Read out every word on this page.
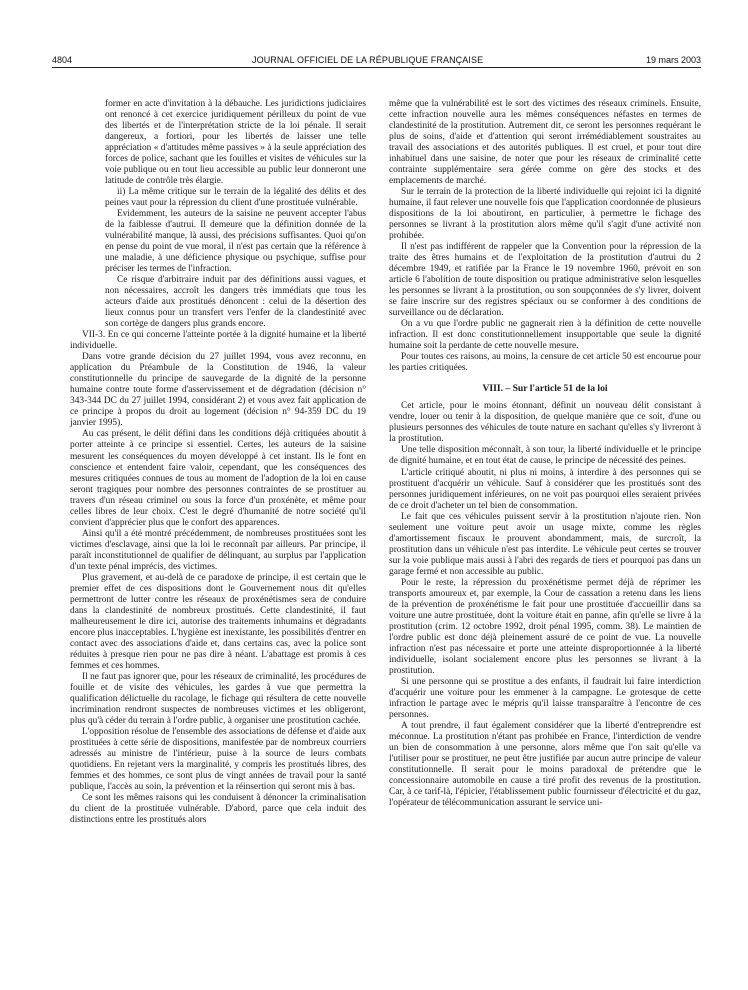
4804	JOURNAL OFFICIEL DE LA RÉPUBLIQUE FRANÇAISE	19 mars 2003

former en acte d'invitation à la débauche. Les juridictions judiciaires ont renoncé à cet exercice juridiquement périlleux du point de vue des libertés et de l'interprétation stricte de la loi pénale. Il serait dangereux, a fortiori, pour les libertés de laisser une telle appréciation « d'attitudes même passives » à la seule appréciation des forces de police, sachant que les fouilles et visites de véhicules sur la voie publique ou en tout lieu accessible au public leur donneront une latitude de contrôle très élargie.

ii) La même critique sur le terrain de la légalité des délits et des peines vaut pour la répression du client d'une prostituée vulnérable.

Evidemment, les auteurs de la saisine ne peuvent accepter l'abus de la faiblesse d'autrui. Il demeure que la définition donnée de la vulnérabilité manque, là aussi, des précisions suffisantes. Quoi qu'on en pense du point de vue moral, il n'est pas certain que la référence à une maladie, à une déficience physique ou psychique, suffise pour préciser les termes de l'infraction.

Ce risque d'arbitraire induit par des définitions aussi vagues, et non nécessaires, accroît les dangers très immédiats que tous les acteurs d'aide aux prostitués dénoncent : celui de la désertion des lieux connus pour un transfert vers l'enfer de la clandestinité avec son cortège de dangers plus grands encore.

VII-3. En ce qui concerne l'atteinte portée à la dignité humaine et la liberté individuelle.

Dans votre grande décision du 27 juillet 1994, vous avez reconnu, en application du Préambule de la Constitution de 1946, la valeur constitutionnelle du principe de sauvegarde de la dignité de la personne humaine contre toute forme d'asservissement et de dégradation (décision n° 343-344 DC du 27 juillet 1994, considérant 2) et vous avez fait application de ce principe à propos du droit au logement (décision n° 94-359 DC du 19 janvier 1995).

Au cas présent, le délit défini dans les conditions déjà critiquées aboutit à porter atteinte à ce principe si essentiel. Certes, les auteurs de la saisine mesurent les conséquences du moyen développé à cet instant. Ils le font en conscience et entendent faire valoir, cependant, que les conséquences des mesures critiquées connues de tous au moment de l'adoption de la loi en cause seront tragiques pour nombre des personnes contraintes de se prostituer au travers d'un réseau criminel ou sous la force d'un proxénète, et même pour celles libres de leur choix. C'est le degré d'humanité de notre société qu'il convient d'apprécier plus que le confort des apparences.

Ainsi qu'il a été montré précédemment, de nombreuses prostituées sont les victimes d'esclavage, ainsi que la loi le reconnaît par ailleurs. Par principe, il paraît inconstitutionnel de qualifier de délinquant, au surplus par l'application d'un texte pénal imprécis, des victimes.

Plus gravement, et au-delà de ce paradoxe de principe, il est certain que le premier effet de ces dispositions dont le Gouvernement nous dit qu'elles permettront de lutter contre les réseaux de proxénétismes sera de conduire dans la clandestinité de nombreux prostitués. Cette clandestinité, il faut malheureusement le dire ici, autorise des traitements inhumains et dégradants encore plus inacceptables. L'hygiène est inexistante, les possibilités d'entrer en contact avec des associations d'aide et, dans certains cas, avec la police sont réduites à presque rien pour ne pas dire à néant. L'abattage est promis à ces femmes et ces hommes.

Il ne faut pas ignorer que, pour les réseaux de criminalité, les procédures de fouille et de visite des véhicules, les gardes à vue que permettra la qualification délictuelle du racolage, le fichage qui résultera de cette nouvelle incrimination rendront suspectes de nombreuses victimes et les obligeront, plus qu'à céder du terrain à l'ordre public, à organiser une prostitution cachée.

L'opposition résolue de l'ensemble des associations de défense et d'aide aux prostituées à cette série de dispositions, manifestée par de nombreux courriers adressés au ministre de l'intérieur, puise à la source de leurs combats quotidiens. En rejetant vers la marginalité, y compris les prostitués libres, des femmes et des hommes, ce sont plus de vingt années de travail pour la santé publique, l'accès au soin, la prévention et la réinsertion qui seront mis à bas.

Ce sont les mêmes raisons qui les conduisent à dénoncer la criminalisation du client de la prostituée vulnérable. D'abord, parce que cela induit des distinctions entre les prostitués alors

même que la vulnérabilité est le sort des victimes des réseaux criminels. Ensuite, cette infraction nouvelle aura les mêmes conséquences néfastes en termes de clandestinité de la prostitution. Autrement dit, ce seront les personnes requérant le plus de soins, d'aide et d'attention qui seront irrémédiablement soustraites au travail des associations et des autorités publiques. Il est cruel, et pour tout dire inhabituel dans une saisine, de noter que pour les réseaux de criminalité cette contrainte supplémentaire sera gérée comme on gère des stocks et des emplacements de marché.

Sur le terrain de la protection de la liberté individuelle qui rejoint ici la dignité humaine, il faut relever une nouvelle fois que l'application coordonnée de plusieurs dispositions de la loi aboutiront, en particulier, à permettre le fichage des personnes se livrant à la prostitution alors même qu'il s'agit d'une activité non prohibée.

Il n'est pas indifférent de rappeler que la Convention pour la répression de la traite des êtres humains et de l'exploitation de la prostitution d'autrui du 2 décembre 1949, et ratifiée par la France le 19 novembre 1960, prévoit en son article 6 l'abolition de toute disposition ou pratique administrative selon lesquelles les personnes se livrant à la prostitution, ou son soupçonnées de s'y livrer, doivent se faire inscrire sur des registres spéciaux ou se conformer à des conditions de surveillance ou de déclaration.

On a vu que l'ordre public ne gagnerait rien à la définition de cette nouvelle infraction. Il est donc constitutionnellement insupportable que seule la dignité humaine soit la perdante de cette nouvelle mesure.

Pour toutes ces raisons, au moins, la censure de cet article 50 est encourue pour les parties critiquées.

VIII. – Sur l'article 51 de la loi

Cet article, pour le moins étonnant, définit un nouveau délit consistant à vendre, louer ou tenir à la disposition, de quelque manière que ce soit, d'une ou plusieurs personnes des véhicules de toute nature en sachant qu'elles s'y livreront à la prostitution.

Une telle disposition méconnaît, à son tour, la liberté individuelle et le principe de dignité humaine, et en tout état de cause, le principe de nécessité des peines.

L'article critiqué aboutit, ni plus ni moins, à interdire à des personnes qui se prostituent d'acquérir un véhicule. Sauf à considérer que les prostitués sont des personnes juridiquement inférieures, on ne voit pas pourquoi elles seraient privées de ce droit d'acheter un tel bien de consommation.

Le fait que ces véhicules puissent servir à la prostitution n'ajoute rien. Non seulement une voiture peut avoir un usage mixte, comme les règles d'amortissement fiscaux le prouvent abondamment, mais, de surcroît, la prostitution dans un véhicule n'est pas interdite. Le véhicule peut certes se trouver sur la voie publique mais aussi à l'abri des regards de tiers et pourquoi pas dans un garage fermé et non accessible au public.

Pour le reste, la répression du proxénétisme permet déjà de réprimer les transports amoureux et, par exemple, la Cour de cassation a retenu dans les liens de la prévention de proxénétisme le fait pour une prostituée d'accueillir dans sa voiture une autre prostituée, dont la voiture était en panne, afin qu'elle se livre à la prostitution (crim. 12 octobre 1992, droit pénal 1995, comm. 38). Le maintien de l'ordre public est donc déjà pleinement assuré de ce point de vue. La nouvelle infraction n'est pas nécessaire et porte une atteinte disproportionnée à la liberté individuelle, isolant socialement encore plus les personnes se livrant à la prostitution.

Si une personne qui se prostitue a des enfants, il faudrait lui faire interdiction d'acquérir une voiture pour les emmener à la campagne. Le grotesque de cette infraction le partage avec le mépris qu'il laisse transparaître à l'encontre de ces personnes.

A tout prendre, il faut également considérer que la liberté d'entreprendre est méconnue. La prostitution n'étant pas prohibée en France, l'interdiction de vendre un bien de consommation à une personne, alors même que l'on sait qu'elle va l'utiliser pour se prostituer, ne peut être justifiée par aucun autre principe de valeur constitutionnelle. Il serait pour le moins paradoxal de prétendre que le concessionnaire automobile en cause a tiré profit des revenus de la prostitution. Car, à ce tarif-là, l'épicier, l'établissement public fournisseur d'électricité et du gaz, l'opérateur de télécommunication assurant le service uni-
